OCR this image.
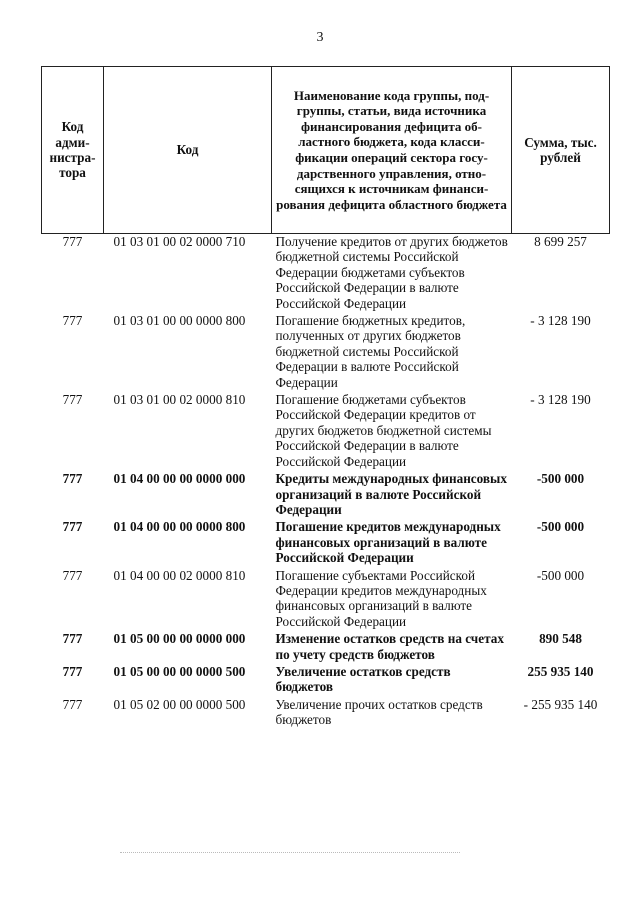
3
Код адми-нистра-тора	Код	Наименование кода группы, под-группы, статьи, вида источника финансирования дефицита об-ластного бюджета, кода класси-фикации операций сектора госу-дарственного управления, отно-сящихся к источникам финанси-рования дефицита областного бюджета	Сумма, тыс. рублей
777	01 03 01 00 02 0000 710	Получение кредитов от других бюджетов бюджетной системы Российской Федерации бюджетами субъектов Российской Федерации в валюте Российской Федерации	8 699 257
777	01 03 01 00 00 0000 800	Погашение бюджетных кредитов, полученных от других бюджетов бюджетной системы Российской Федерации в валюте Российской Федерации	- 3 128 190
777	01 03 01 00 02 0000 810	Погашение бюджетами субъектов Российской Федерации кредитов от других бюджетов бюджетной системы Российской Федерации в валюте Российской Федерации	- 3 128 190
777	01 04 00 00 00 0000 000	Кредиты международных финансовых организаций в валюте Российской Федерации	-500 000
777	01 04 00 00 00 0000 800	Погашение кредитов международных финансовых организаций в валюте Российской Федерации	-500 000
777	01 04 00 00 02 0000 810	Погашение субъектами Российской Федерации кредитов международных финансовых организаций в валюте Российской Федерации	-500 000
777	01 05 00 00 00 0000 000	Изменение остатков средств на счетах по учету средств бюджетов	890 548
777	01 05 00 00 00 0000 500	Увеличение остатков средств бюджетов	255 935 140
777	01 05 02 00 00 0000 500	Увеличение прочих остатков средств бюджетов	- 255 935 140
